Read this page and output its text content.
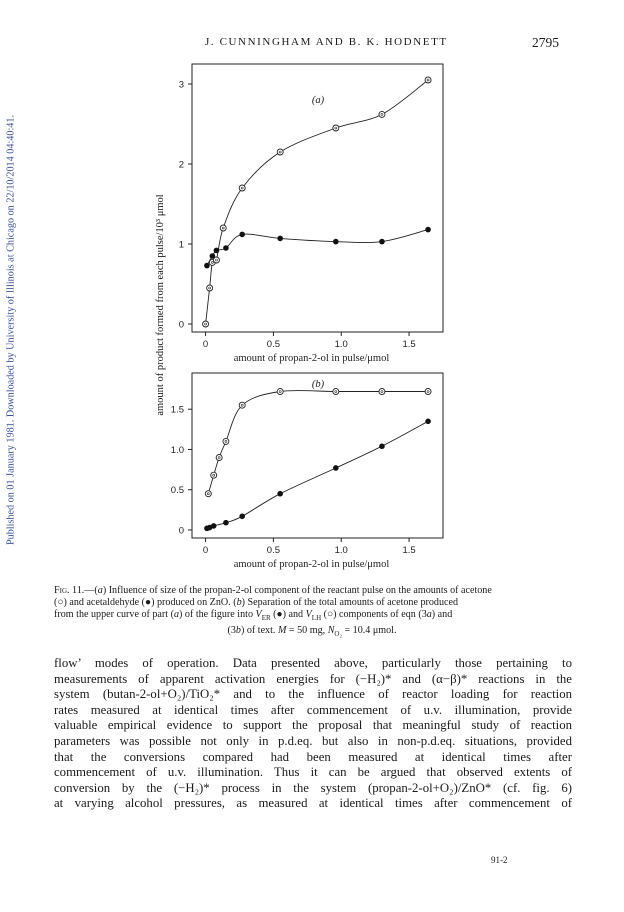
J. CUNNINGHAM AND B. K. HODNETT	2795
Published on 01 January 1981. Downloaded by University of Illinois at Chicago on 22/10/2014 04:40:41.	amount of product formed from each pulse/10³ μmol	0	0.5	1.0	1.5
0
1
2
3
amount of propan-2-ol in pulse/μmol
(a)
0	0.5	1.0	1.5
0
0.5
1.0
1.5
amount of propan-2-ol in pulse/μmol
(b)
Fig. 11.—(a) Influence of size of the propan-2-ol component of the reactant pulse on the amounts of acetone
(○) and acetaldehyde (●) produced on ZnO. (b) Separation of the total amounts of acetone produced
from the upper curve of part (a) of the figure into $V_{ER}$ (●) and $V_{LH}$ (○) components of eqn (3a) and
(3b) of text. M = 50 mg, $N_{O_2} = 10.4$ μmol.
flow’ modes of operation. Data presented above, particularly those pertaining to
measurements of apparent activation energies for (−H₂)* and (α−β)* reactions in the
system (butan-2-ol+O₂)/TiO₂* and to the influence of reactor loading for reaction
rates measured at identical times after commencement of u.v. illumination, provide
valuable empirical evidence to support the proposal that meaningful study of reaction
parameters was possible not only in p.d.eq. but also in non-p.d.eq. situations, provided
that the conversions compared had been measured at identical times after
commencement of u.v. illumination. Thus it can be argued that observed extents of
conversion by the (−H₂)* process in the system (propan-2-ol+O₂)/ZnO* (cf. fig. 6)
at varying alcohol pressures, as measured at identical times after commencement of
91-2
